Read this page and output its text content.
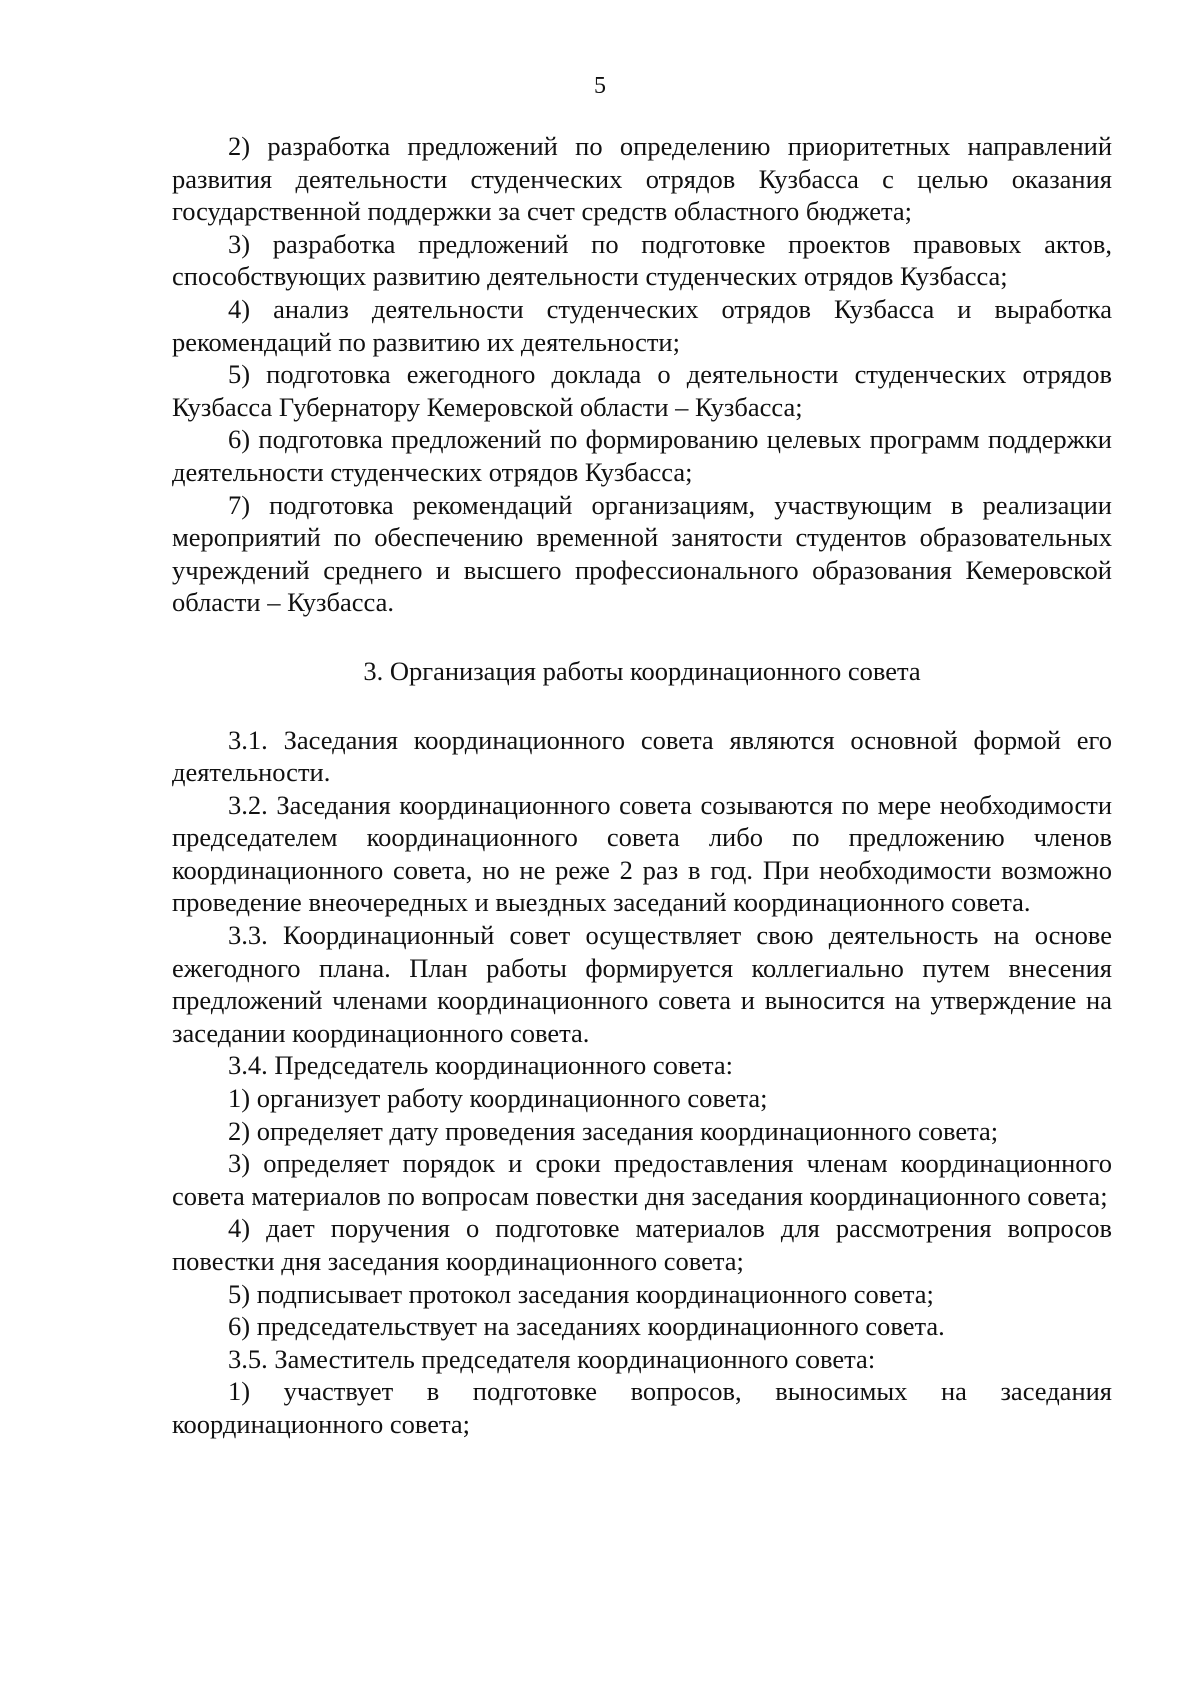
5

2) разработка предложений по определению приоритетных направлений развития деятельности студенческих отрядов Кузбасса с целью оказания государственной поддержки за счет средств областного бюджета;

3) разработка предложений по подготовке проектов правовых актов, способствующих развитию деятельности студенческих отрядов Кузбасса;

4) анализ деятельности студенческих отрядов Кузбасса и выработка рекомендаций по развитию их деятельности;

5) подготовка ежегодного доклада о деятельности студенческих отрядов Кузбасса Губернатору Кемеровской области – Кузбасса;

6) подготовка предложений по формированию целевых программ поддержки деятельности студенческих отрядов Кузбасса;

7) подготовка рекомендаций организациям, участвующим в реализации мероприятий по обеспечению временной занятости студентов образовательных учреждений среднего и высшего профессионального образования Кемеровской области – Кузбасса.

3. Организация работы координационного совета

3.1. Заседания координационного совета являются основной формой его деятельности.

3.2. Заседания координационного совета созываются по мере необходимости председателем координационного совета либо по предложению членов координационного совета, но не реже 2 раз в год. При необходимости возможно проведение внеочередных и выездных заседаний координационного совета.

3.3. Координационный совет осуществляет свою деятельность на основе ежегодного плана. План работы формируется коллегиально путем внесения предложений членами координационного совета и выносится на утверждение на заседании координационного совета.

3.4. Председатель координационного совета:

1) организует работу координационного совета;

2) определяет дату проведения заседания координационного совета;

3) определяет порядок и сроки предоставления членам координационного совета материалов по вопросам повестки дня заседания координационного совета;

4) дает поручения о подготовке материалов для рассмотрения вопросов повестки дня заседания координационного совета;

5) подписывает протокол заседания координационного совета;

6) председательствует на заседаниях координационного совета.

3.5. Заместитель председателя координационного совета:

1) участвует в подготовке вопросов, выносимых на заседания координационного совета;
